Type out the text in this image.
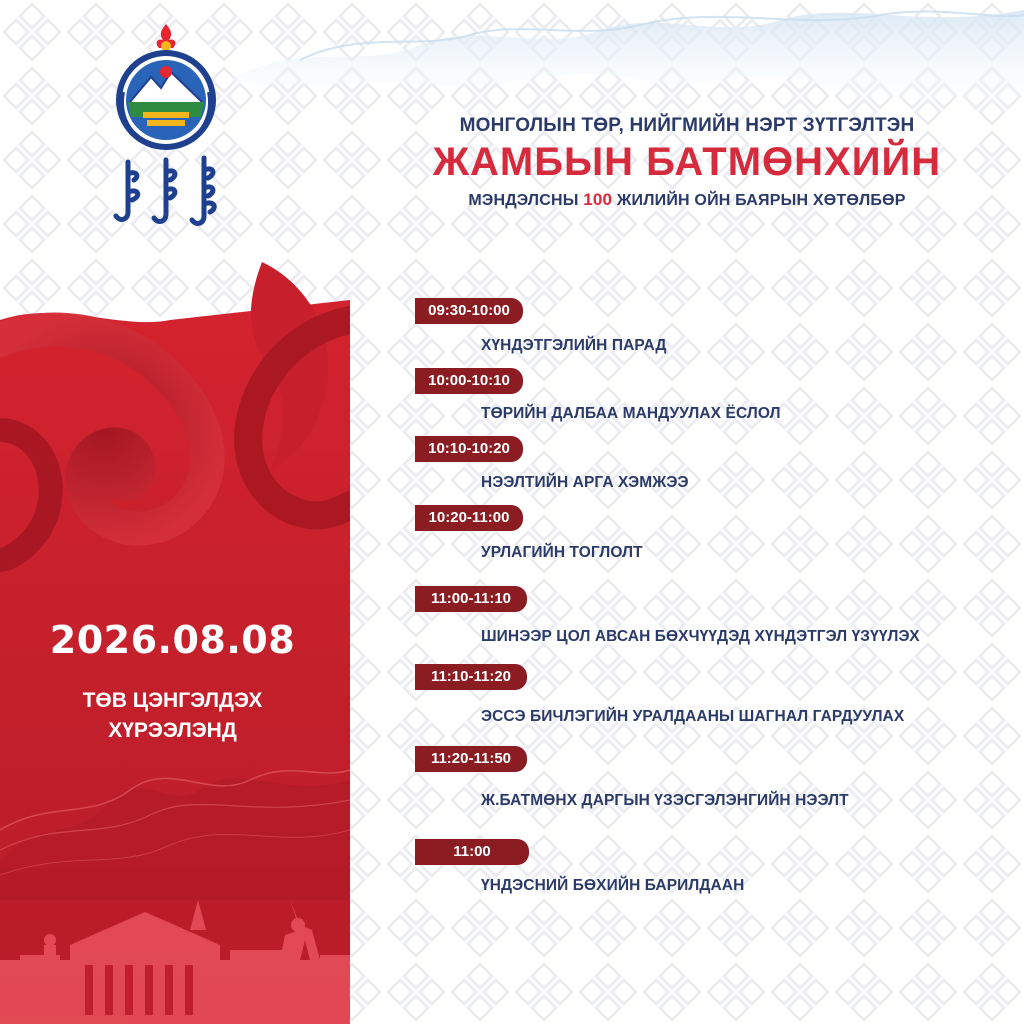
2026.08.08
ТӨВ ЦЭНГЭЛДЭХ
ХҮРЭЭЛЭНД
МОНГОЛЫН ТӨР, НИЙГМИЙН НЭРТ ЗҮТГЭЛТЭН
ЖАМБЫН БАТМӨНХИЙН
МЭНДЭЛСНЫ 100 ЖИЛИЙН ОЙН БАЯРЫН ХӨТӨЛБӨР
09:30-10:00
ХҮНДЭТГЭЛИЙН ПАРАД
10:00-10:10
ТӨРИЙН ДАЛБАА МАНДУУЛАХ ЁСЛОЛ
10:10-10:20
НЭЭЛТИЙН АРГА ХЭМЖЭЭ
10:20-11:00
УРЛАГИЙН ТОГЛОЛТ
11:00-11:10
ШИНЭЭР ЦОЛ АВСАН БӨХЧҮҮДЭД ХҮНДЭТГЭЛ ҮЗҮҮЛЭХ
11:10-11:20
ЭССЭ БИЧЛЭГИЙН УРАЛДААНЫ ШАГНАЛ ГАРДУУЛАХ
11:20-11:50
Ж.БАТМӨНХ ДАРГЫН ҮЗЭСГЭЛЭНГИЙН НЭЭЛТ
11:00
ҮНДЭСНИЙ БӨХИЙН БАРИЛДААН
